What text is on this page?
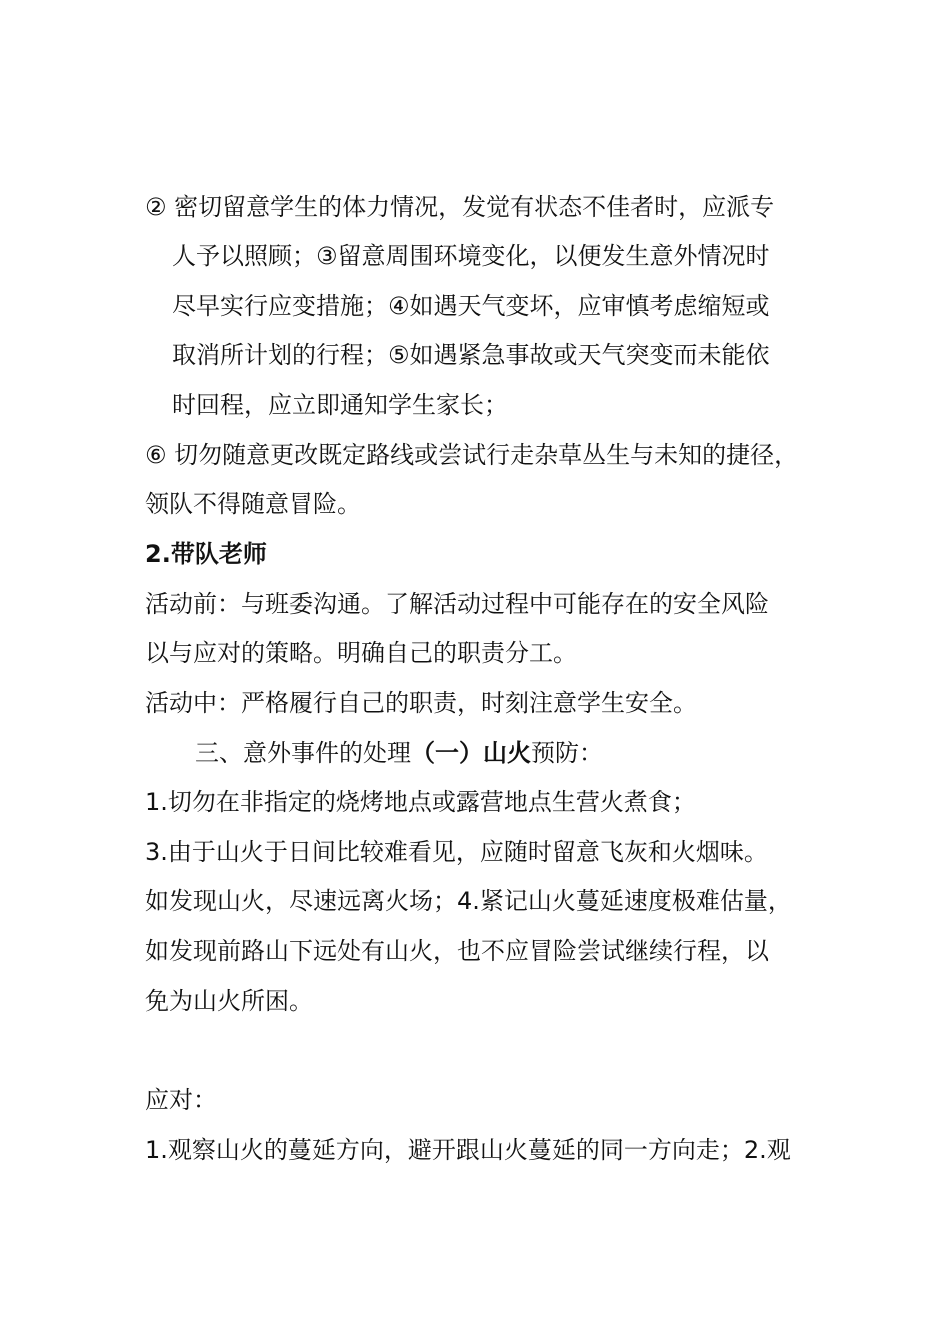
② 密切留意学生的体力情况，发觉有状态不佳者时，应派专
人予以照顾；③留意周围环境变化，以便发生意外情况时
尽早实行应变措施；④如遇天气变坏，应审慎考虑缩短或
取消所计划的行程；⑤如遇紧急事故或天气突变而未能依
时回程，应立即通知学生家长；
⑥ 切勿随意更改既定路线或尝试行走杂草丛生与未知的捷径，
领队不得随意冒险。
2.带队老师
活动前：与班委沟通。了解活动过程中可能存在的安全风险
以与应对的策略。明确自己的职责分工。
活动中：严格履行自己的职责，时刻注意学生安全。
三、意外事件的处理（一）山火预防：
1.切勿在非指定的烧烤地点或露营地点生营火煮食；
3.由于山火于日间比较难看见，应随时留意飞灰和火烟味。
如发现山火，尽速远离火场；4.紧记山火蔓延速度极难估量，
如发现前路山下远处有山火，也不应冒险尝试继续行程，以
免为山火所困。
应对：
1.观察山火的蔓延方向，避开跟山火蔓延的同一方向走；2.观
